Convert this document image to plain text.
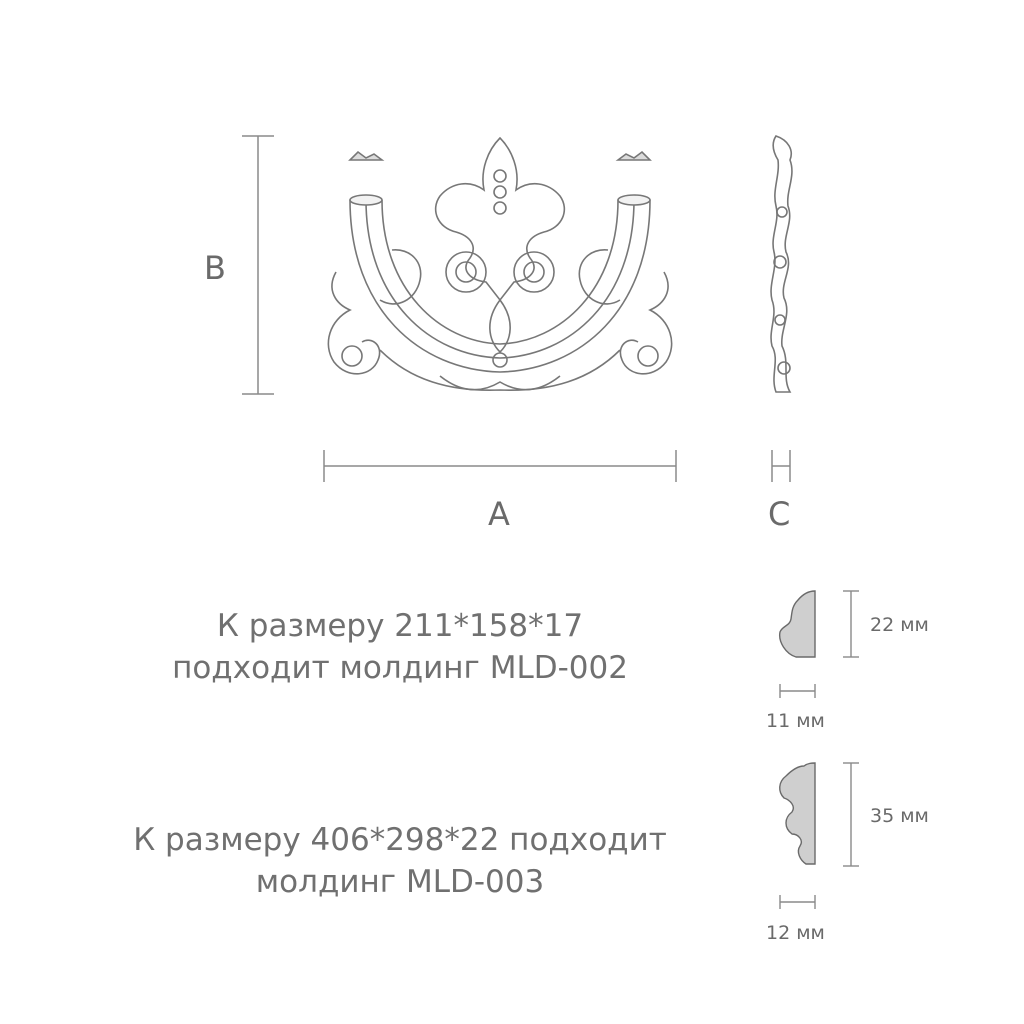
B
A	C
К размеру 211*158*17
подходит молдинг MLD-002
К размеру 406*298*22 подходит
молдинг MLD-003
22 мм
11 мм
35 мм
12 мм
